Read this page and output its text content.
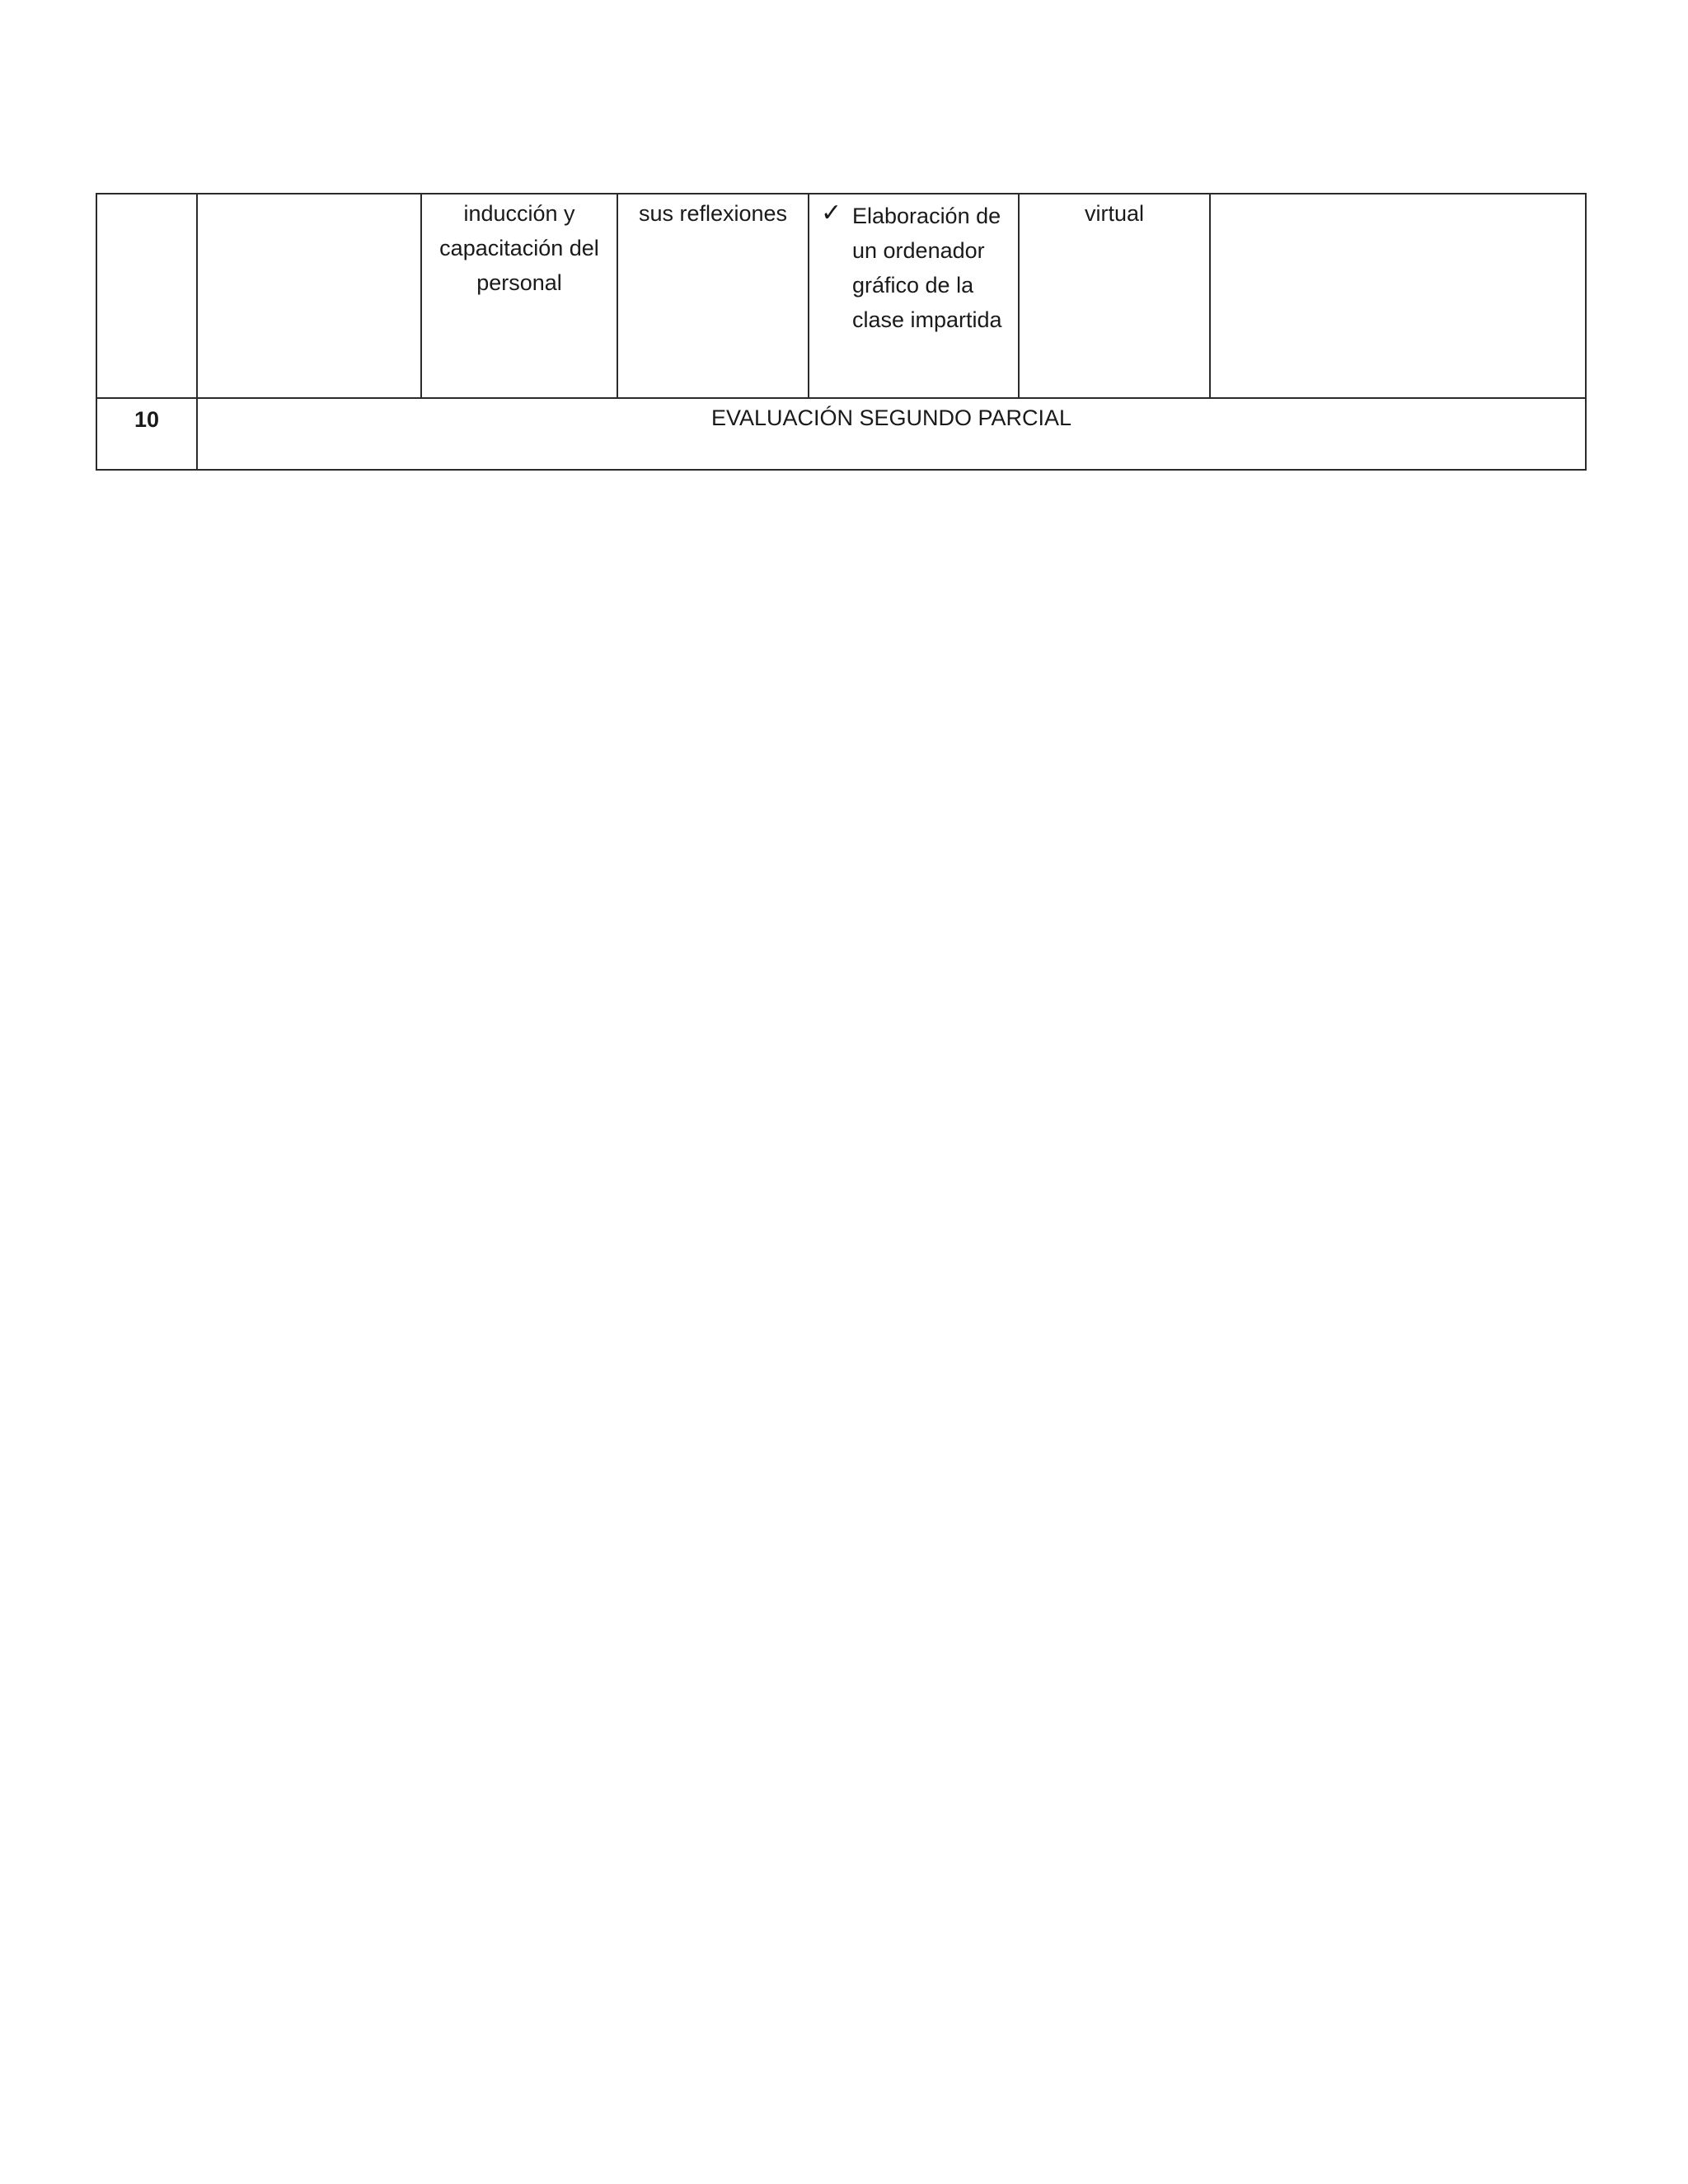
		inducción y
capacitación del
personal	sus reflexiones	✓ Elaboración de
un ordenador
gráfico de la
clase impartida	virtual	

10	EVALUACIÓN SEGUNDO PARCIAL					
